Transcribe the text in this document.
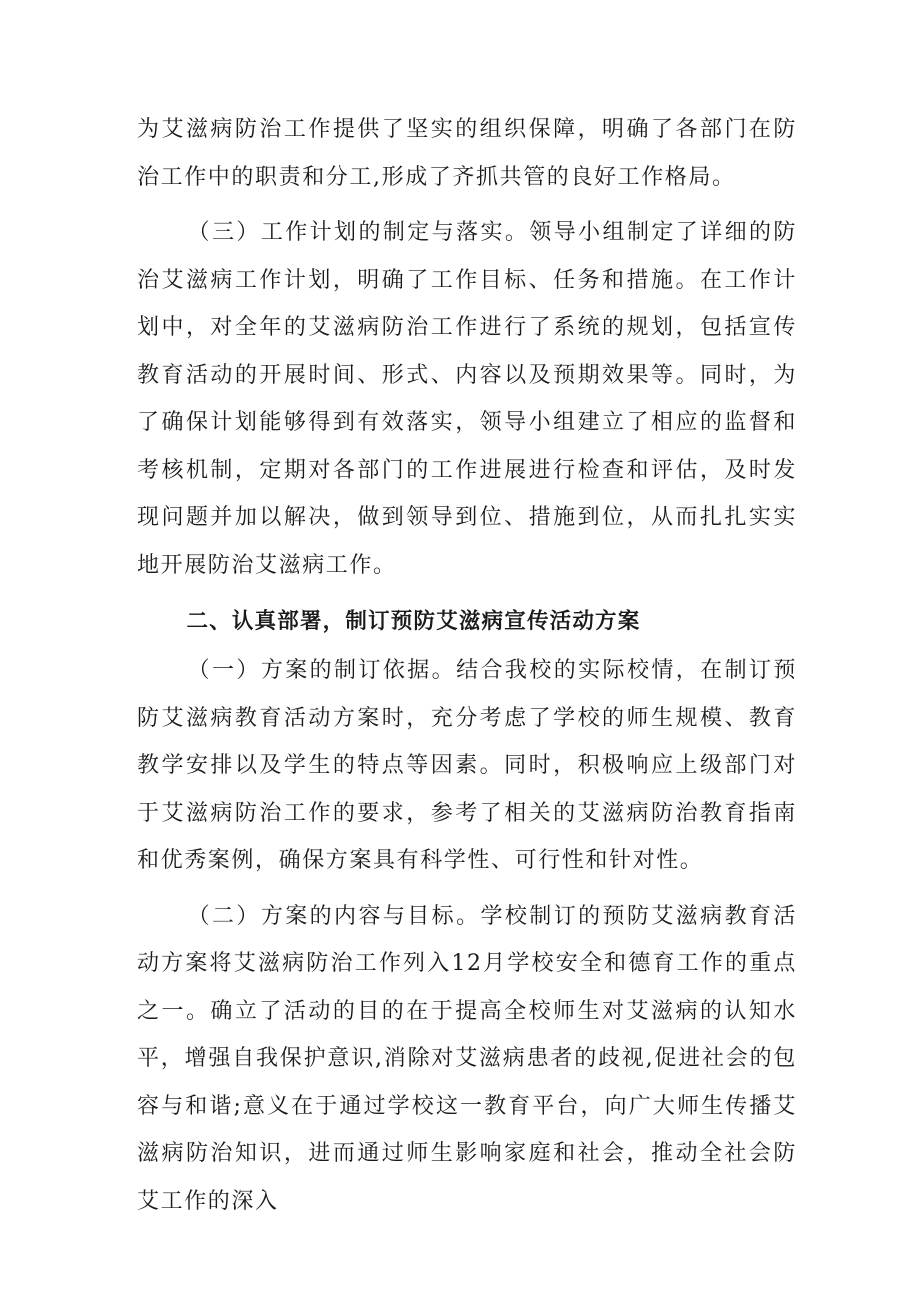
为艾滋病防治工作提供了坚实的组织保障，明确了各部门在防治工作中的职责和分工,形成了齐抓共管的良好工作格局。

（三）工作计划的制定与落实。领导小组制定了详细的防治艾滋病工作计划，明确了工作目标、任务和措施。在工作计划中，对全年的艾滋病防治工作进行了系统的规划，包括宣传教育活动的开展时间、形式、内容以及预期效果等。同时，为了确保计划能够得到有效落实，领导小组建立了相应的监督和考核机制，定期对各部门的工作进展进行检查和评估，及时发现问题并加以解决，做到领导到位、措施到位，从而扎扎实实地开展防治艾滋病工作。

二、认真部署，制订预防艾滋病宣传活动方案

（一）方案的制订依据。结合我校的实际校情，在制订预防艾滋病教育活动方案时，充分考虑了学校的师生规模、教育教学安排以及学生的特点等因素。同时，积极响应上级部门对于艾滋病防治工作的要求，参考了相关的艾滋病防治教育指南和优秀案例，确保方案具有科学性、可行性和针对性。

（二）方案的内容与目标。学校制订的预防艾滋病教育活动方案将艾滋病防治工作列入12月学校安全和德育工作的重点之一。确立了活动的目的在于提高全校师生对艾滋病的认知水平，增强自我保护意识,消除对艾滋病患者的歧视,促进社会的包容与和谐;意义在于通过学校这一教育平台，向广大师生传播艾滋病防治知识，进而通过师生影响家庭和社会，推动全社会防艾工作的深入
